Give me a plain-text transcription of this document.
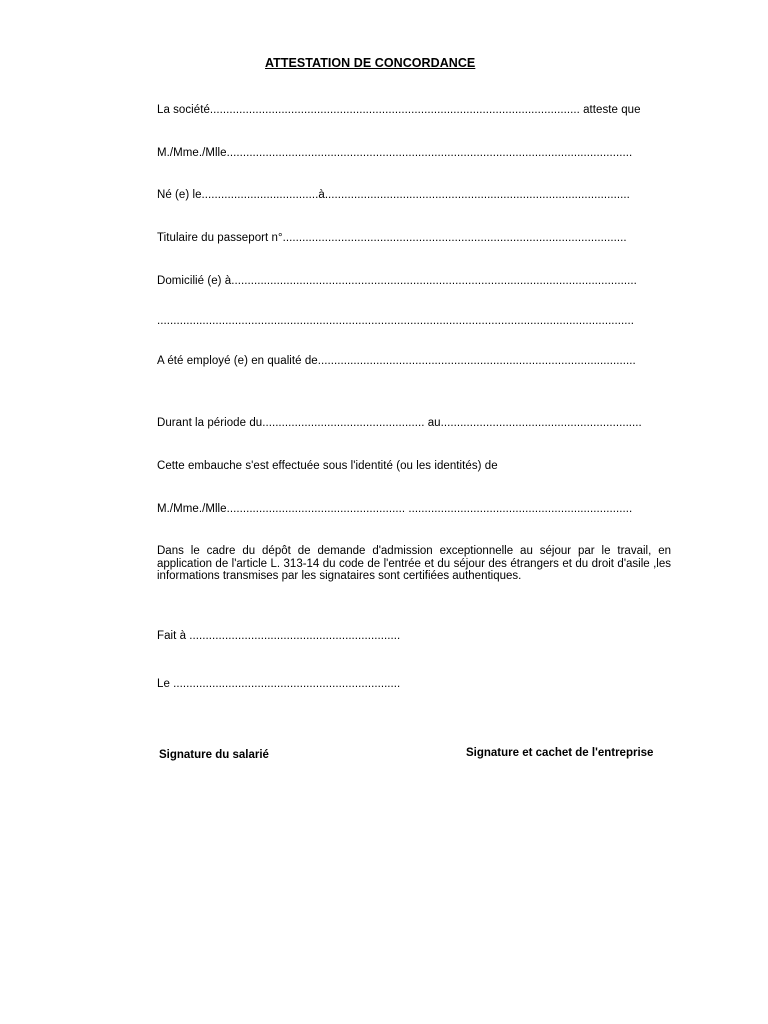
ATTESTATION DE CONCORDANCE
La société.................................................................................................................. atteste que
M./Mme./Mlle.............................................................................................................................
Né (e) le....................................à..............................................................................................
Titulaire du passeport n°..........................................................................................................
Domicilié (e) à.............................................................................................................................
...................................................................................................................................................
A été employé (e) en qualité de..................................................................................................
Durant la période du.................................................. au..............................................................
Cette embauche s'est effectuée sous l'identité (ou les identités) de
M./Mme./Mlle....................................................... .....................................................................
Dans le cadre du dépôt de demande d'admission exceptionnelle au séjour par le travail, en application de l'article L. 313-14 du code de l'entrée et du séjour des étrangers et du droit d'asile ,les informations transmises par les signataires sont certifiées authentiques.
Fait à .................................................................
Le ......................................................................
Signature du salarié	Signature et cachet de l'entreprise
